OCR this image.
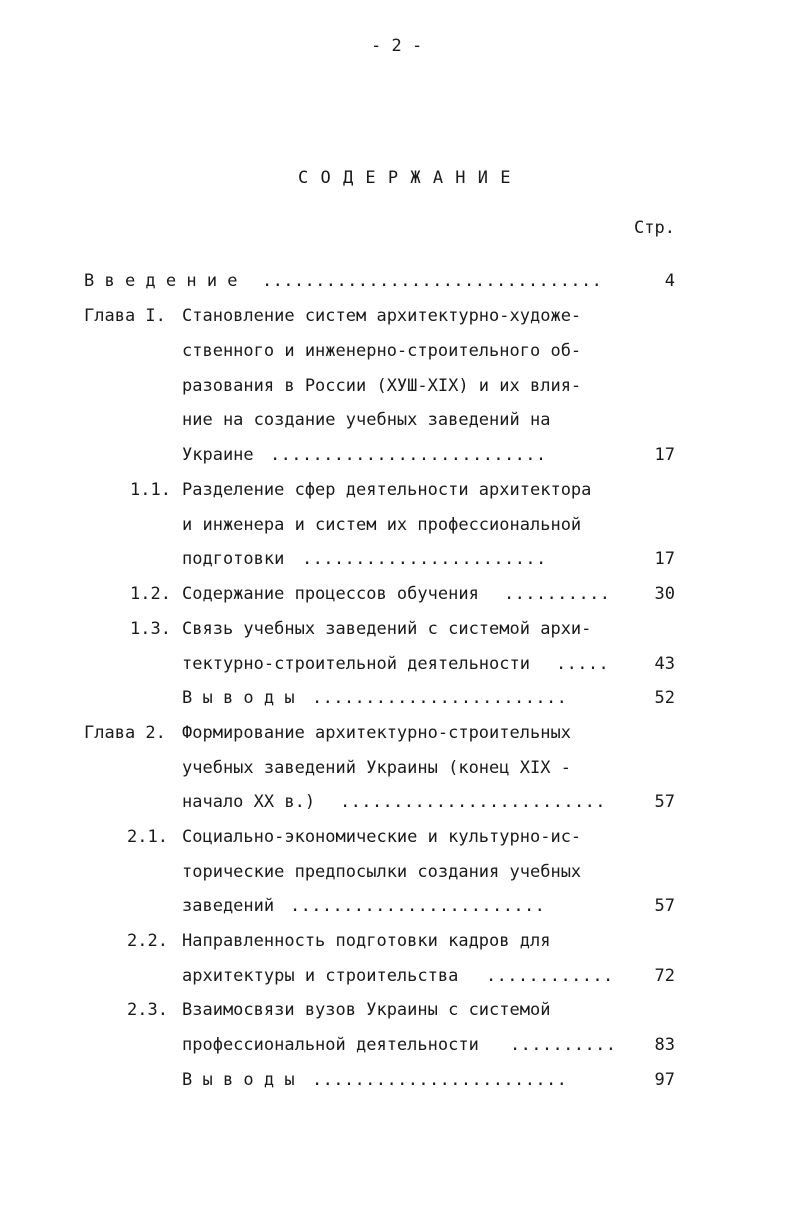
- 2 -
С О Д Е Р Ж А Н И Е
Стр.
В в е д е н и е ................................	4
Глава I. Становление систем архитектурно-художе-
ственного и инженерно-строительного об-
разования в России (ХУШ-ХIХ) и их влия-
ние на создание учебных заведений на
Украине ..........................	17
1.1. Разделение сфер деятельности архитектора
и инженера и систем их профессиональной
подготовки .......................	17
1.2. Содержание процессов обучения ..........	30
1.3. Связь учебных заведений с системой архи-
тектурно-строительной деятельности .....	43
В ы в о д ы ........................	52
Глава 2. Формирование архитектурно-строительных
учебных заведений Украины (конец ХIХ -
начало XX в.) .........................	57
2.1. Социально-экономические и культурно-ис-
торические предпосылки создания учебных
заведений ........................	57
2.2. Направленность подготовки кадров для
архитектуры и строительства ............	72
2.3. Взаимосвязи вузов Украины с системой
профессиональной деятельности ..........	83
В ы в о д ы ........................	97
